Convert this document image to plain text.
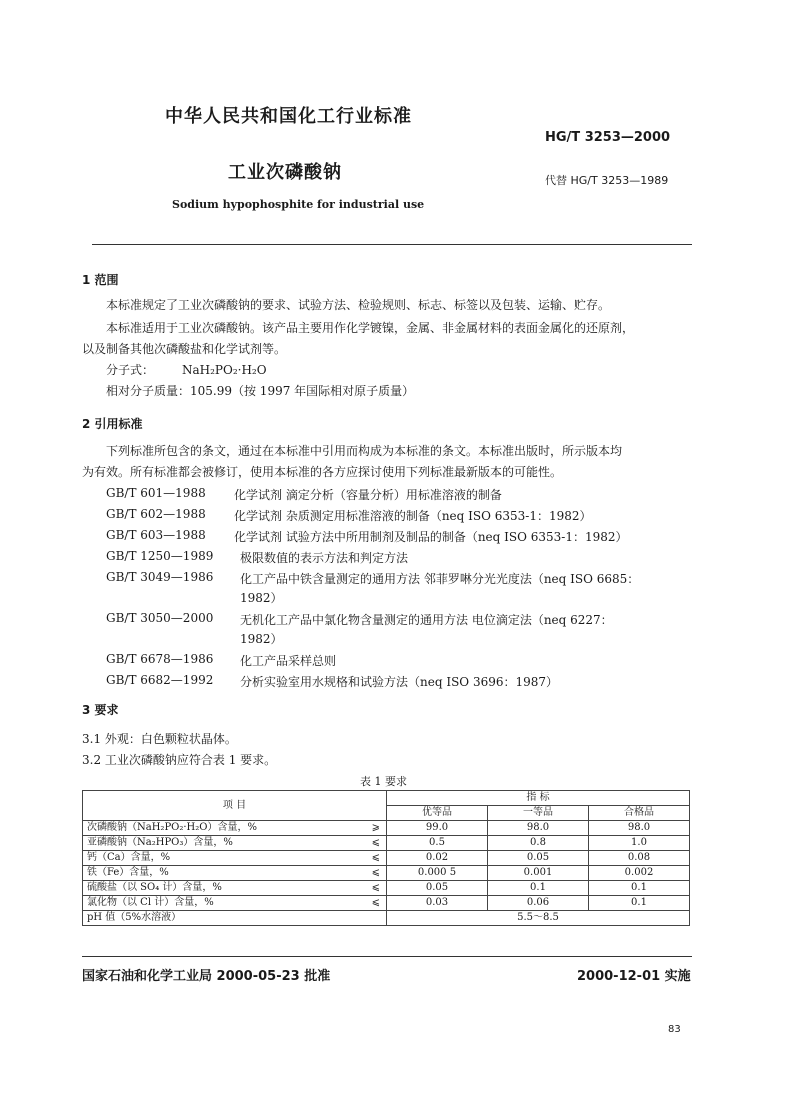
中华人民共和国化工行业标准
HG/T 3253—2000
工业次磷酸钠	代替 HG/T 3253—1989
Sodium hypophosphite for industrial use
1 范围
本标准规定了工业次磷酸钠的要求、试验方法、检验规则、标志、标签以及包装、运输、贮存。
本标准适用于工业次磷酸钠。该产品主要用作化学镀镍，金属、非金属材料的表面金属化的还原剂，
以及制备其他次磷酸盐和化学试剂等。
分子式： NaH₂PO₂·H₂O
相对分子质量：105.99（按 1997 年国际相对原子质量）
2 引用标准
下列标准所包含的条文，通过在本标准中引用而构成为本标准的条文。本标准出版时，所示版本均
为有效。所有标准都会被修订，使用本标准的各方应探讨使用下列标准最新版本的可能性。
GB/T 601—1988 化学试剂 滴定分析（容量分析）用标准溶液的制备
GB/T 602—1988 化学试剂 杂质测定用标准溶液的制备（neq ISO 6353-1：1982）
GB/T 603—1988 化学试剂 试验方法中所用制剂及制品的制备（neq ISO 6353-1：1982）
GB/T 1250—1989 极限数值的表示方法和判定方法
GB/T 3049—1986 化工产品中铁含量测定的通用方法 邻菲罗啉分光光度法（neq ISO 6685：
1982）
GB/T 3050—2000 无机化工产品中氯化物含量测定的通用方法 电位滴定法（neq 6227：
1982）
GB/T 6678—1986 化工产品采样总则
GB/T 6682—1992 分析实验室用水规格和试验方法（neq ISO 3696：1987）
3 要求
3.1 外观：白色颗粒状晶体。
3.2 工业次磷酸钠应符合表 1 要求。
表 1 要求
项 目		指 标		
		优等品	一等品	合格品
次磷酸钠（NaH₂PO₂·H₂O）含量，%	⩾	99.0	98.0	98.0
亚磷酸钠（Na₂HPO₃）含量，%	⩽	0.5	0.8	1.0
钙（Ca）含量，%	⩽	0.02	0.05	0.08
铁（Fe）含量，%	⩽	0.000 5	0.001	0.002
硫酸盐（以 SO₄ 计）含量，%	⩽	0.05	0.1	0.1
氯化物（以 Cl 计）含量，%	⩽	0.03	0.06	0.1
pH 值（5%水溶液）		5.5～8.5		
国家石油和化学工业局 2000-05-23 批准	2000-12-01 实施
83
